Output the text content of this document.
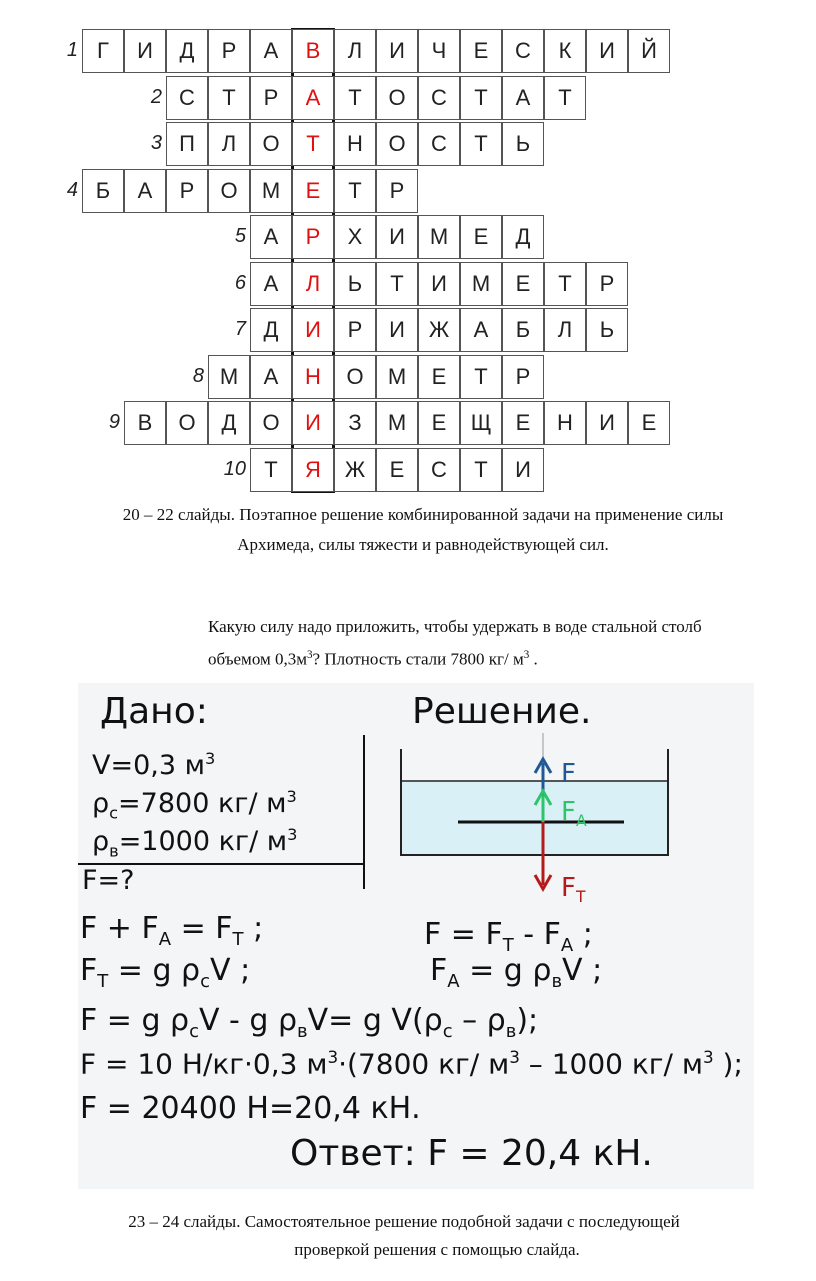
1 Г	И	Д	Р	А	В	Л	И	Ч	Е	С	К	И	Й
2 С	Т	Р	А	Т	О	С	Т	А	Т
3 П	Л	О	Т	Н	О	С	Т	Ь
4 Б	А	Р	О	М	Е	Т	Р
5 А	Р	Х	И	М	Е	Д
6 А	Л	Ь	Т	И	М	Е	Т	Р
7 Д	И	Р	И	Ж	А	Б	Л	Ь
8 М	А	Н	О	М	Е	Т	Р
9 В	О	Д	О	И	З	М	Е	Щ	Е	Н	И	Е
10 Т	Я	Ж	Е	С	Т	И
20 – 22 слайды. Поэтапное решение комбинированной задачи на применение силы
Архимеда, силы тяжести и равнодействующей сил.
Какую силу надо приложить, чтобы удержать в воде стальной столб
объемом $0,3м^3$? Плотность стали 7800 кг/ $м^3$ .
Дано:	Решение.
V=0,3 $м^3$
$\rho_с=7800$ кг/ $м^3$
$\rho_в=1000$ кг/ $м^3$
F=?
F
$F_A$
$F_T$
$F + F_A = F_T$ ;	$F = F_T - F_A$ ;
$F_T = g$ $\rho_сV$ ;	$F_A = g$ $\rho_вV$ ;
F = g $\rho_сV$ - g $\rho_вV= g$ $V(\rho_с - \rho_в)$;
F = 10 Н/кг·0,3 $м^3\cdot(7800$ кг/ $м^3 - 1000$ кг/ $м^3$ );
F = 20400 Н=20,4 кН.
Ответ: F = 20,4 кН.
23 – 24 слайды. Самостоятельное решение подобной задачи с последующей
проверкой решения с помощью слайда.
